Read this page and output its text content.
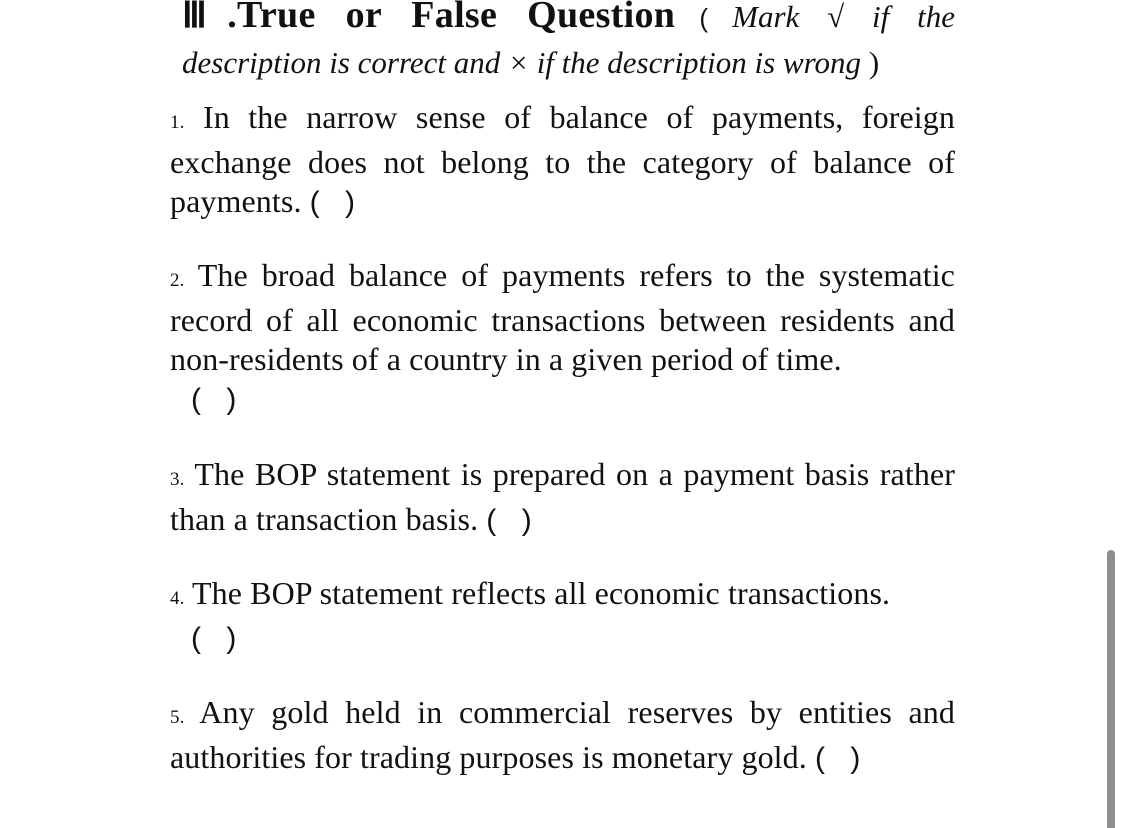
Ⅲ.True or False Question ( Mark √ if the
description is correct and × if the description is wrong )
1. In the narrow sense of balance of payments, foreign exchange does not belong to the category of balance of payments. (   )
2. The broad balance of payments refers to the systematic record of all economic transactions between residents and non-residents of a country in a given period of time.
(   )
3. The BOP statement is prepared on a payment basis rather than a transaction basis. (   )
4. The BOP statement reflects all economic transactions.
(   )
5. Any gold held in commercial reserves by entities and authorities for trading purposes is monetary gold. (   )
